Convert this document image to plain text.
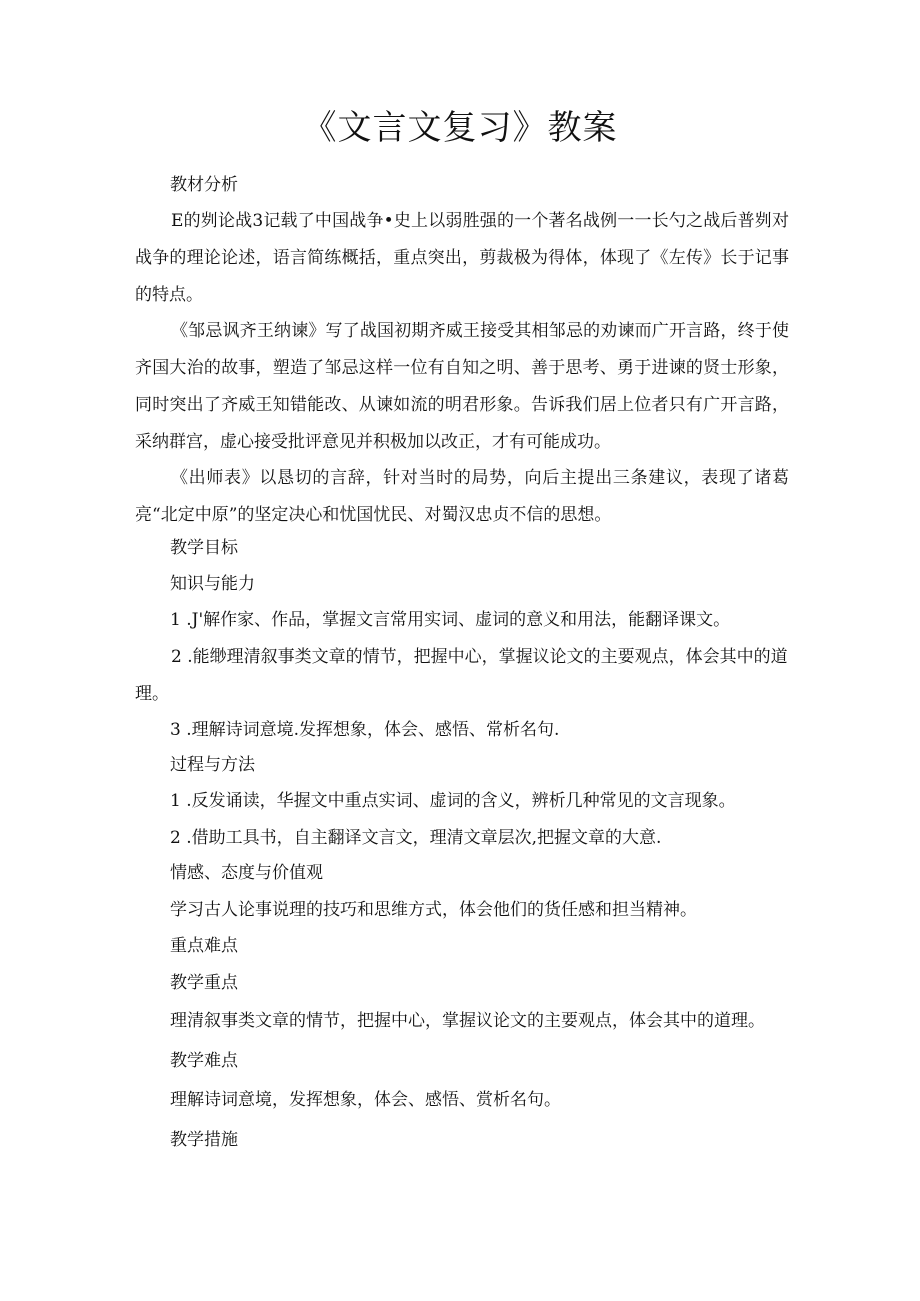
《文言文复习》教案

教材分析

E的刿论战3记载了中国战争•史上以弱胜强的一个著名战例一一长勺之战后普刿对战争的理论论述，语言简练概括，重点突出，剪裁极为得体，体现了《左传》长于记事的特点。

《邹忌讽齐王纳谏》写了战国初期齐威王接受其相邹忌的劝谏而广开言路，终于使齐国大治的故事，塑造了邹忌这样一位有自知之明、善于思考、勇于进谏的贤士形象，同时突出了齐威王知错能改、从谏如流的明君形象。告诉我们居上位者只有广开言路，采纳群宫，虚心接受批评意见并积极加以改正，才有可能成功。

《出师表》以恳切的言辞，针对当时的局势，向后主提出三条建议，表现了诸葛亮“北定中原”的坚定决心和忧国忧民、对蜀汉忠贞不信的思想。

教学目标

知识与能力

1 .J'解作家、作品，掌握文言常用实词、虚词的意义和用法，能翻译课文。

2 .能缈理清叙事类文章的情节，把握中心，掌握议论文的主要观点，体会其中的道理。

3 .理解诗词意境.发挥想象，体会、感悟、常析名句.

过程与方法

1 .反发诵读，华握文中重点实词、虚词的含义，辨析几种常见的文言现象。

2 .借助工具书，自主翻译文言文，理清文章层次,把握文章的大意.

情感、态度与价值观

学习古人论事说理的技巧和思维方式，体会他们的货任感和担当精神。

重点难点

教学重点

理清叙事类文章的情节，把握中心，掌握议论文的主要观点，体会其中的道理。

教学难点

理解诗词意境，发挥想象，体会、感悟、赏析名句。

教学措施
